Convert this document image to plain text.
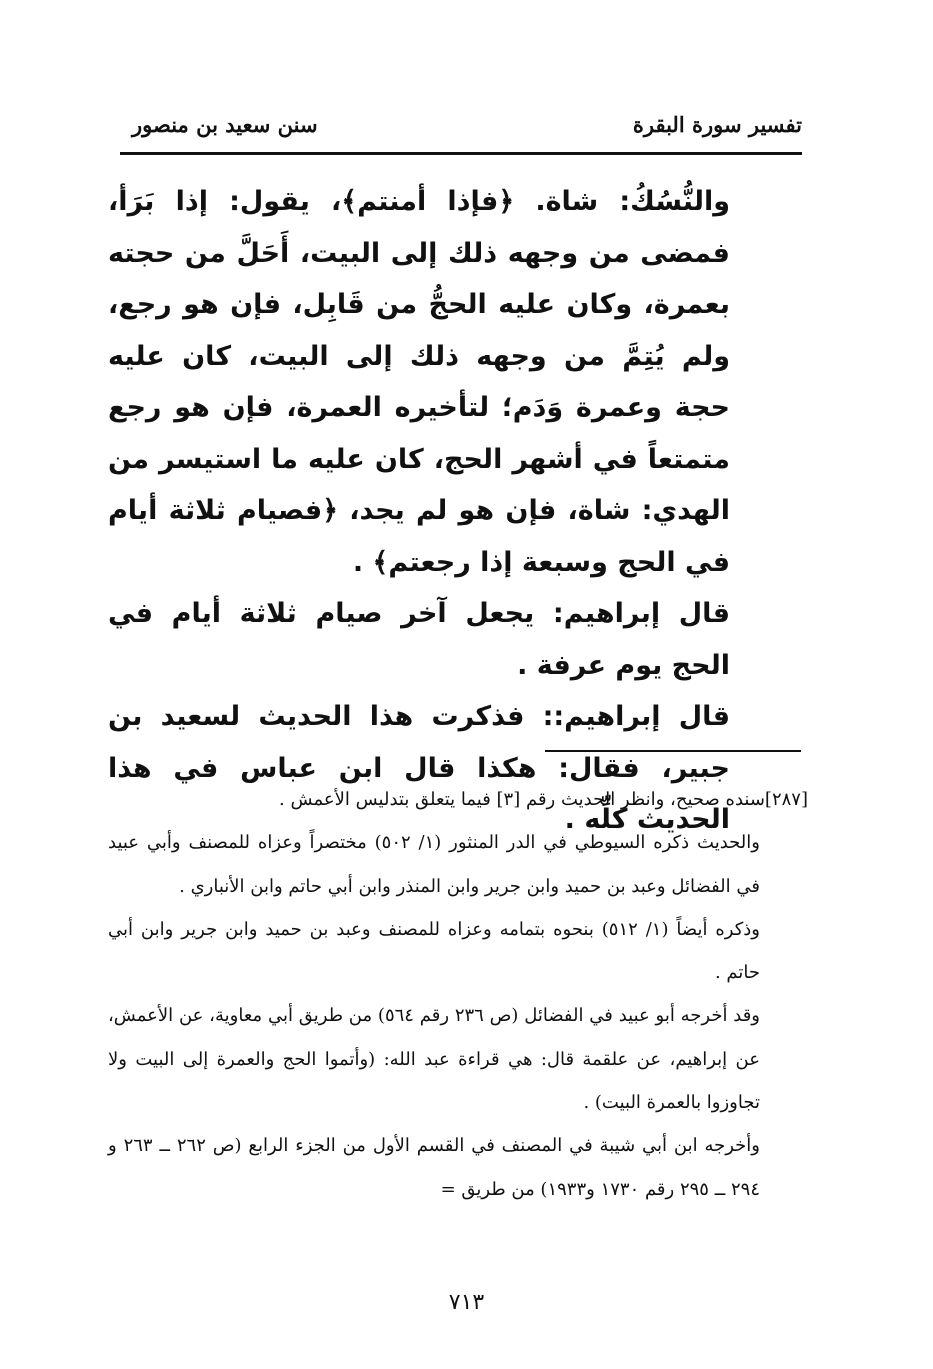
تفسير سورة البقرة
سنن سعيد بن منصور

والنُّسُكُ: شاة. ﴿فإذا أمنتم﴾، يقول: إذا بَرَأ، فمضى من وجهه ذلك إلى البيت، أَحَلَّ من حجته بعمرة، وكان عليه الحجُّ من قَابِل، فإن هو رجع، ولم يُتِمَّ من وجهه ذلك إلى البيت، كان عليه حجة وعمرة وَدَم؛ لتأخيره العمرة، فإن هو رجع متمتعاً في أشهر الحج، كان عليه ما استيسر من الهدي: شاة، فإن هو لم يجد، ﴿فصيام ثلاثة أيام في الحج وسبعة إذا رجعتم﴾ .

قال إبراهيم: يجعل آخر صيام ثلاثة أيام في الحج يوم عرفة .

قال إبراهيم:: فذكرت هذا الحديث لسعيد بن جبير، فقال: هكذا قال ابن عباس في هذا الحديث كلِّه .

[٢٨٧]سنده صحيح، وانظر الحديث رقم [٣] فيما يتعلق بتدليس الأعمش .

والحديث ذكره السيوطي في الدر المنثور (١/ ٥٠٢) مختصراً وعزاه للمصنف وأبي عبيد في الفضائل وعبد بن حميد وابن جرير وابن المنذر وابن أبي حاتم وابن الأنباري .

وذكره أيضاً (١/ ٥١٢) بنحوه بتمامه وعزاه للمصنف وعبد بن حميد وابن جرير وابن أبي حاتم .

وقد أخرجه أبو عبيد في الفضائل (ص ٢٣٦ رقم ٥٦٤) من طريق أبي معاوية، عن الأعمش، عن إبراهيم، عن علقمة قال: هي قراءة عبد الله: (وأتموا الحج والعمرة إلى البيت ولا تجاوزوا بالعمرة البيت) .

وأخرجه ابن أبي شيبة في المصنف في القسم الأول من الجزء الرابع (ص ٢٦٢ ــ ٢٦٣ و ٢٩٤ ــ ٢٩٥ رقم ١٧٣٠ و١٩٣٣) من طريق =

٧١٣
